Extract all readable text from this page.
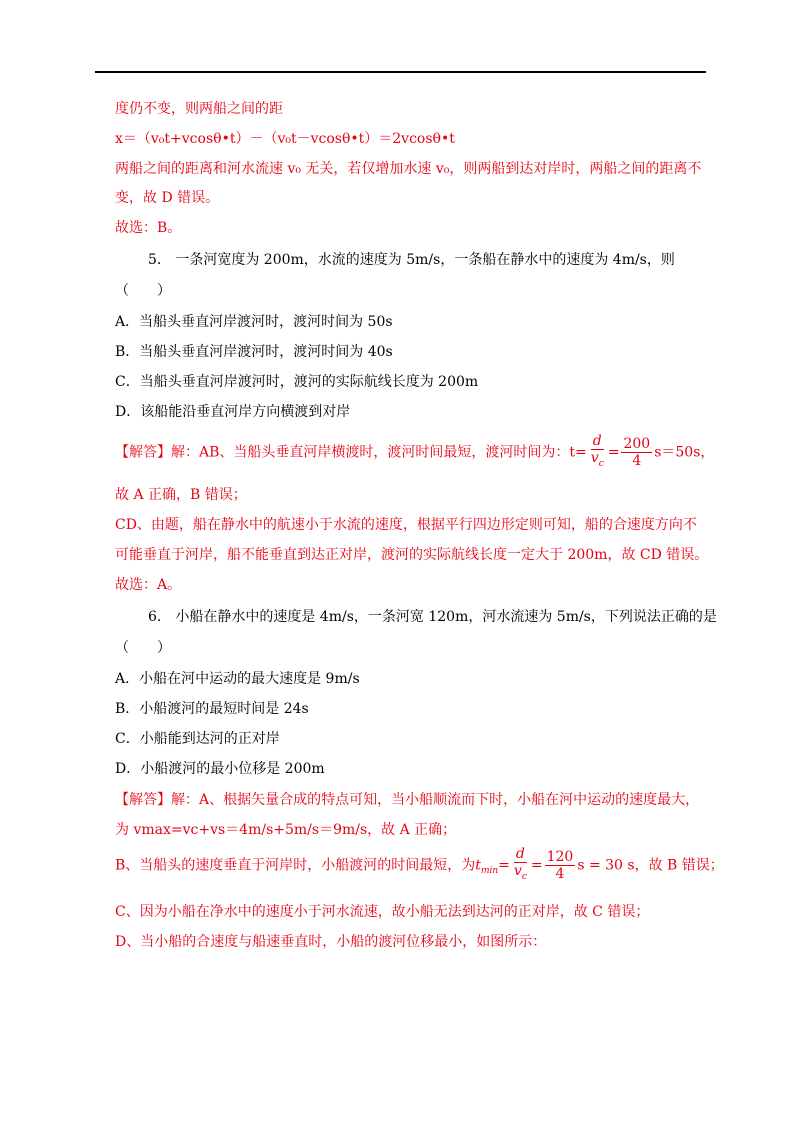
度仍不变，则两船之间的距
x＝（v₀t+vcosθ•t）－（v₀t－vcosθ•t）＝2vcosθ•t
两船之间的距离和河水流速 v₀ 无关，若仅增加水速 v₀，则两船到达对岸时，两船之间的距离不
变，故 D 错误。
故选：B。
5.　一条河宽度为 200m，水流的速度为 5m/s，一条船在静水中的速度为 4m/s，则
（　　）
A．当船头垂直河岸渡河时，渡河时间为 50s
B．当船头垂直河岸渡河时，渡河时间为 40s
C．当船头垂直河岸渡河时，渡河的实际航线长度为 200m
D．该船能沿垂直河岸方向横渡到对岸
【解答】解：AB、当船头垂直河岸横渡时，渡河时间最短，渡河时间为：$t= \frac{d}{v_c} = \frac{200}{4} s=50s$，
故 A 正确，B 错误；
CD、由题，船在静水中的航速小于水流的速度，根据平行四边形定则可知，船的合速度方向不
可能垂直于河岸，船不能垂直到达正对岸，渡河的实际航线长度一定大于 200m，故 CD 错误。
故选：A。
6.　小船在静水中的速度是 4m/s，一条河宽 120m，河水流速为 5m/s，下列说法正确的是
（　　）
A．小船在河中运动的最大速度是 9m/s
B．小船渡河的最短时间是 24s
C．小船能到达河的正对岸
D．小船渡河的最小位移是 200m
【解答】解：A、根据矢量合成的特点可知，当小船顺流而下时，小船在河中运动的速度最大，
为 vmax=vc+vs＝4m/s+5m/s＝9m/s，故 A 正确；
B、当船头的速度垂直于河岸时，小船渡河的时间最短，为$t_{min}= \frac{d}{v_c} = \frac{120}{4}$ s = 30 s，故 B 错误；
C、因为小船在净水中的速度小于河水流速，故小船无法到达河的正对岸，故 C 错误；
D、当小船的合速度与船速垂直时，小船的渡河位移最小，如图所示：
